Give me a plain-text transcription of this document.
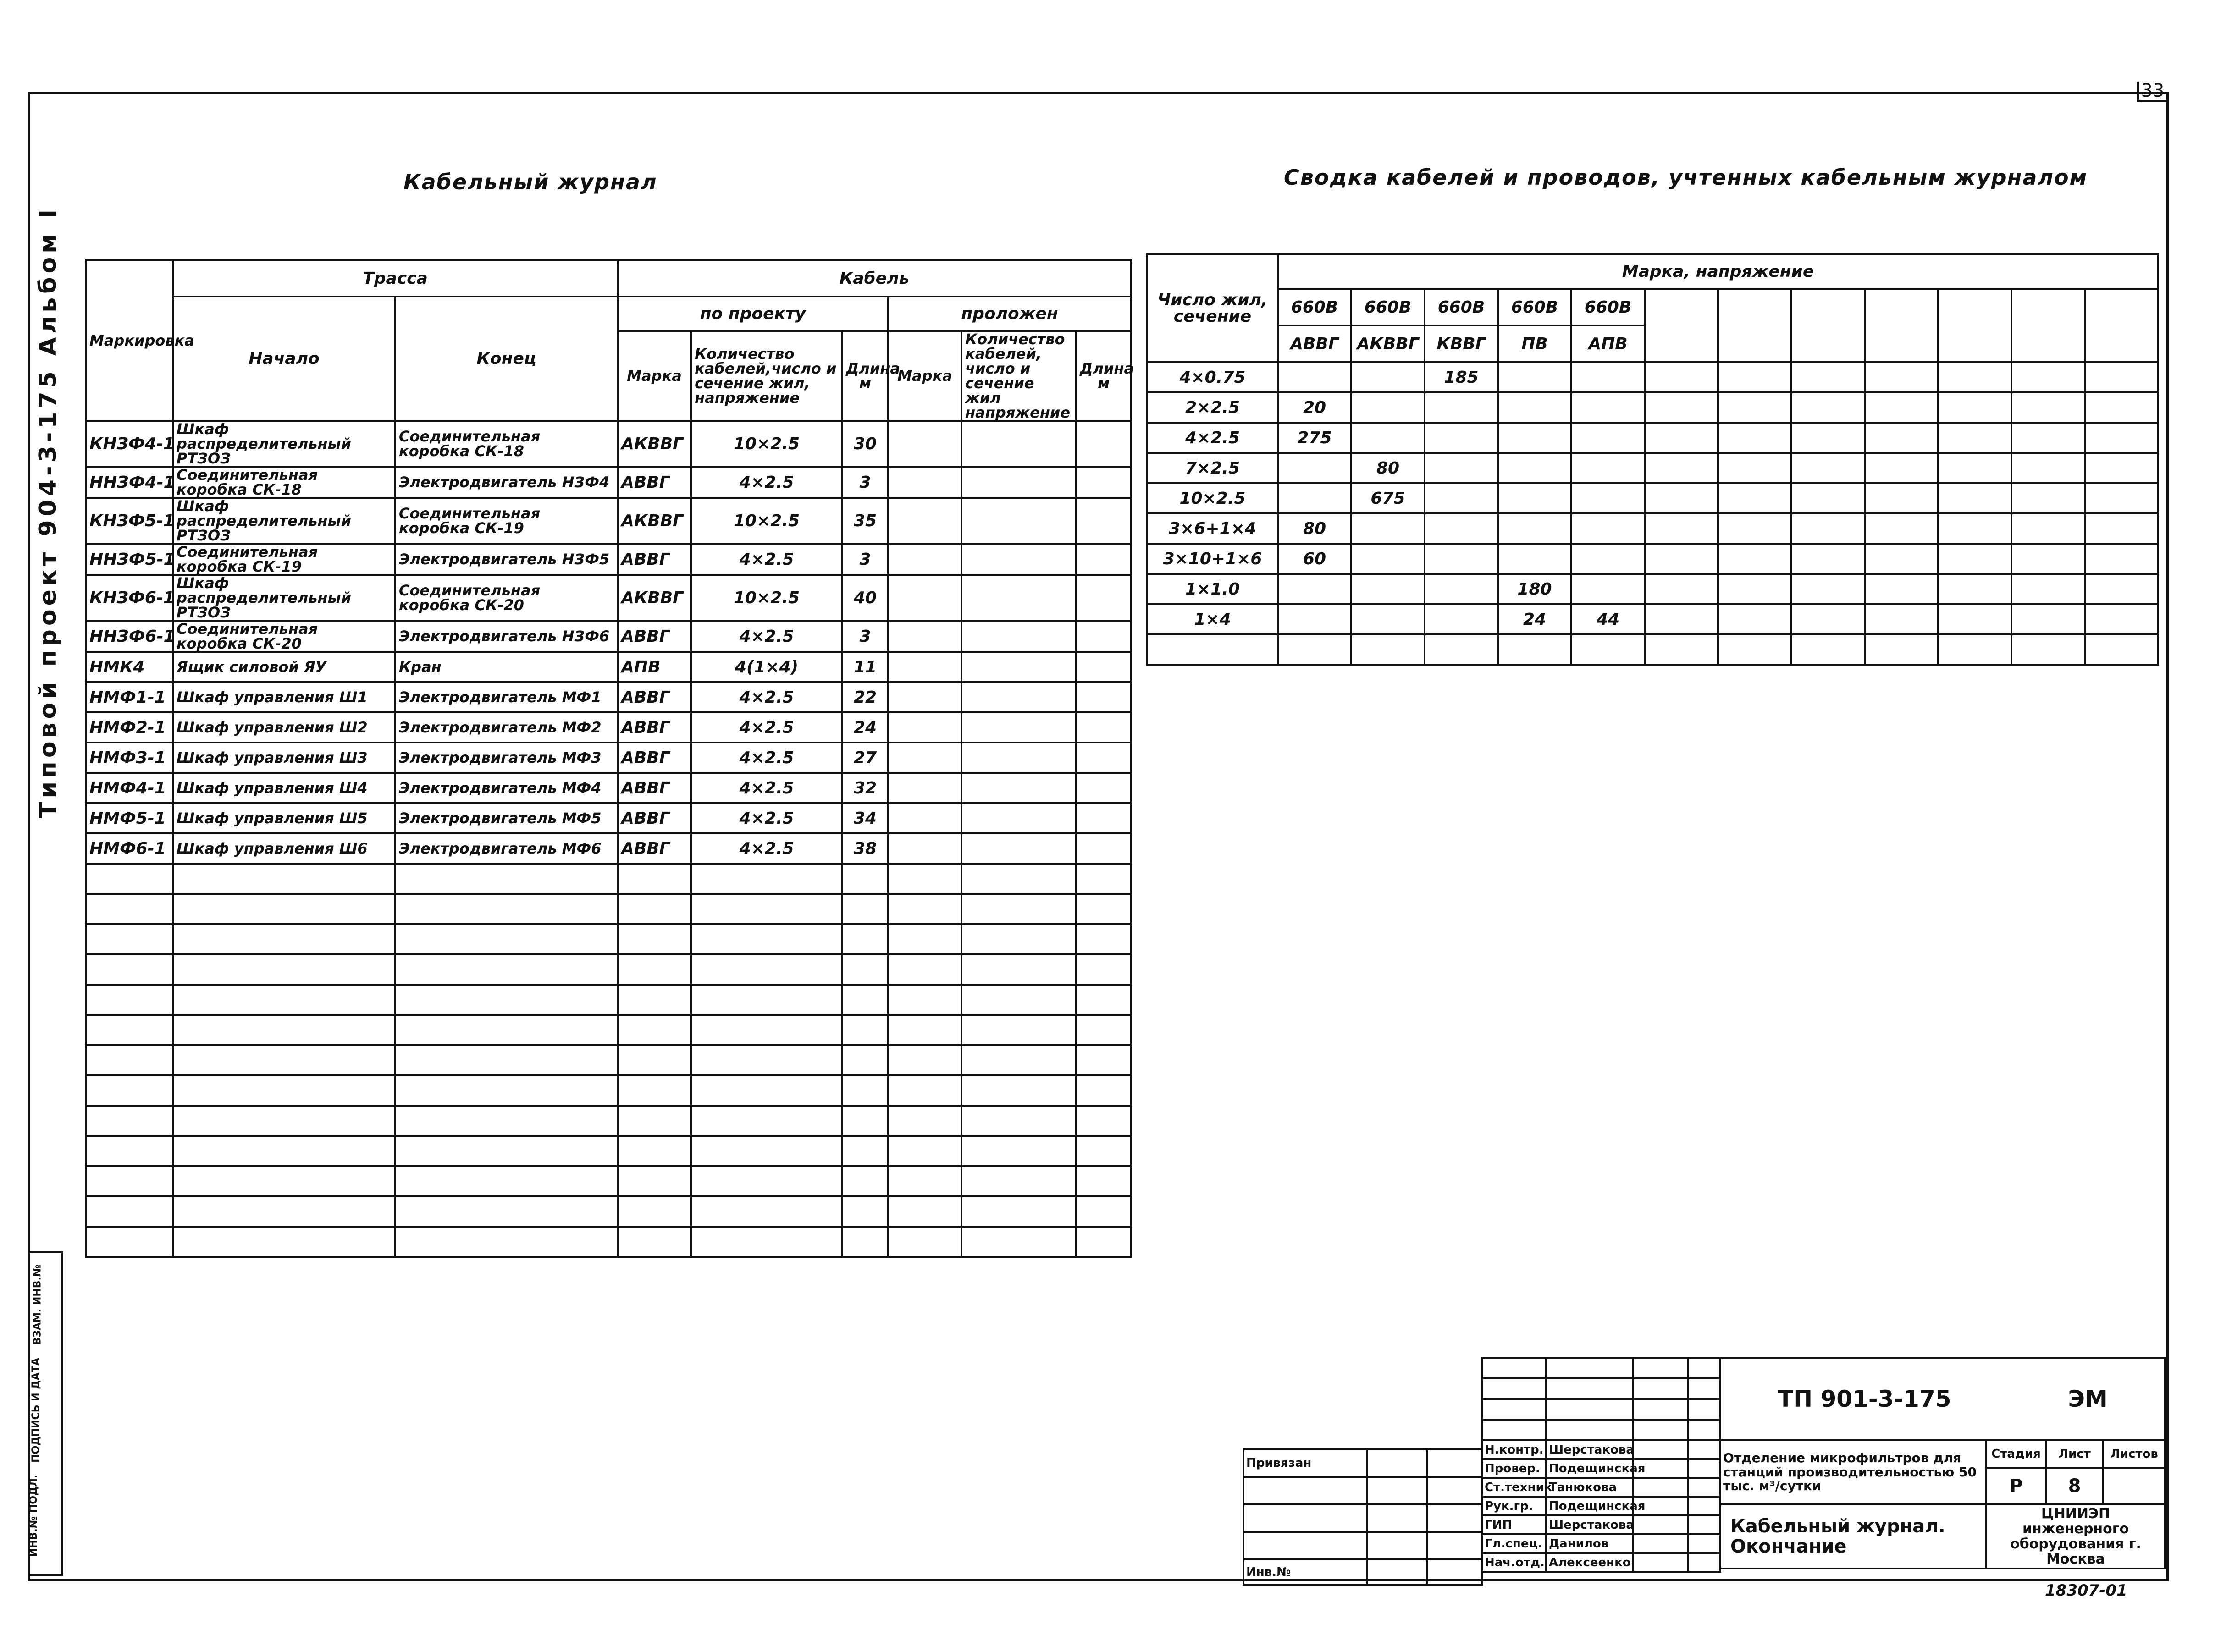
33
Типовой проект 904-3-175 Альбом I
ИНВ.№ ПОДЛ.
ПОДПИСЬ И ДАТА
ВЗАМ. ИНВ.№
Кабельный журнал	Сводка кабелей и проводов, учтенных кабельным журналом
Маркировка	Трасса		Кабель					
	Начало	Конец	по проекту			проложен		
			Марка	Количество кабелей,число и сечение жил, напряжение	Длина м	Марка	Количество кабелей, число и сечение жил напряжение	Длина м
КНЗФ4-1	Шкаф распределительный РТЗОЗ	Соединительная коробка СК-18	АКВВГ	10×2.5	30			
ННЗФ4-1	Соединительная коробка СК-18	Электродвигатель НЗФ4	АВВГ	4×2.5	3			
КНЗФ5-1	Шкаф распределительный РТЗОЗ	Соединительная коробка СК-19	АКВВГ	10×2.5	35			
ННЗФ5-1	Соединительная коробка СК-19	Электродвигатель НЗФ5	АВВГ	4×2.5	3			
КНЗФ6-1	Шкаф распределительный РТЗОЗ	Соединительная коробка СК-20	АКВВГ	10×2.5	40			
ННЗФ6-1	Соединительная коробка СК-20	Электродвигатель НЗФ6	АВВГ	4×2.5	3			
НМК4	Ящик силовой ЯУ	Кран	АПВ	4(1×4)	11			
НМФ1-1	Шкаф управления Ш1	Электродвигатель МФ1	АВВГ	4×2.5	22			
НМФ2-1	Шкаф управления Ш2	Электродвигатель МФ2	АВВГ	4×2.5	24			
НМФ3-1	Шкаф управления Ш3	Электродвигатель МФ3	АВВГ	4×2.5	27			
НМФ4-1	Шкаф управления Ш4	Электродвигатель МФ4	АВВГ	4×2.5	32			
НМФ5-1	Шкаф управления Ш5	Электродвигатель МФ5	АВВГ	4×2.5	34			
НМФ6-1	Шкаф управления Ш6	Электродвигатель МФ6	АВВГ	4×2.5	38			

Число жил, сечение	Марка, напряжение											
	660В	660В	660В	660В	660В							
	АВВГ	АКВВГ	КВВГ	ПВ	АПВ							
4×0.75			185									
2×2.5	20											
4×2.5	275											
7×2.5		80										
10×2.5		675										
3×6+1×4	80											
3×10+1×6	60											
1×1.0				180								
1×4				24	44							

Привязан		

Инв.№		

Н.контр.	Шерстакова		
Провер.	Подещинская		
Ст.техник	Танюкова		
Рук.гр.	Подещинская		
ГИП	Шерстакова		
Гл.спец.	Данилов		
Нач.отд.	Алексеенко		
ТП 901-3-175 ЭМ			
Отделение микрофильтров для станций производительностью 50 тыс. м³/сутки	Стадия	Лист	Листов
	Р	8	
Кабельный журнал. Окончание	ЦНИИЭП инженерного оборудования г. Москва		
18307-01
